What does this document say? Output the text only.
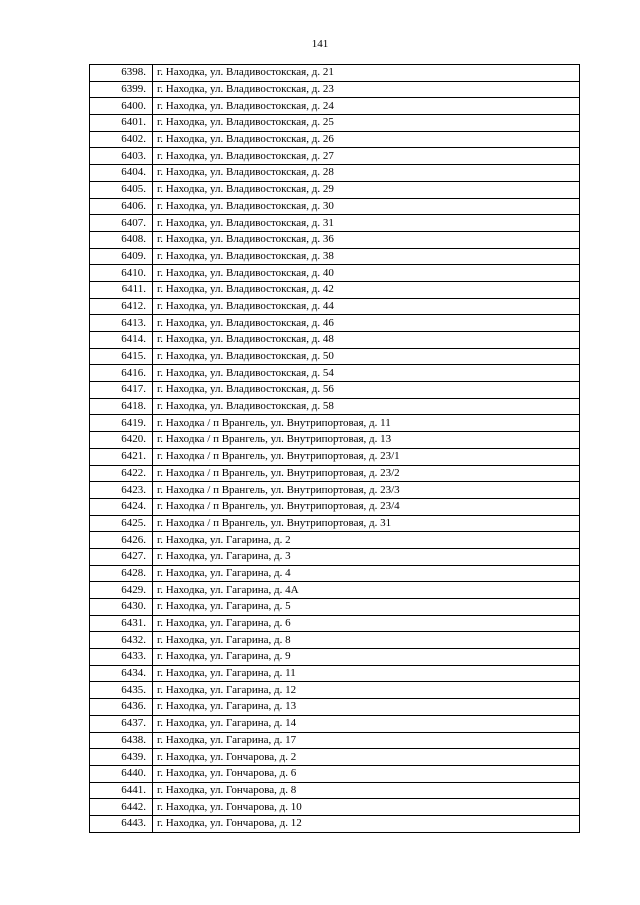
141
6398.	г. Находка, ул. Владивостокская, д. 21
6399.	г. Находка, ул. Владивостокская, д. 23
6400.	г. Находка, ул. Владивостокская, д. 24
6401.	г. Находка, ул. Владивостокская, д. 25
6402.	г. Находка, ул. Владивостокская, д. 26
6403.	г. Находка, ул. Владивостокская, д. 27
6404.	г. Находка, ул. Владивостокская, д. 28
6405.	г. Находка, ул. Владивостокская, д. 29
6406.	г. Находка, ул. Владивостокская, д. 30
6407.	г. Находка, ул. Владивостокская, д. 31
6408.	г. Находка, ул. Владивостокская, д. 36
6409.	г. Находка, ул. Владивостокская, д. 38
6410.	г. Находка, ул. Владивостокская, д. 40
6411.	г. Находка, ул. Владивостокская, д. 42
6412.	г. Находка, ул. Владивостокская, д. 44
6413.	г. Находка, ул. Владивостокская, д. 46
6414.	г. Находка, ул. Владивостокская, д. 48
6415.	г. Находка, ул. Владивостокская, д. 50
6416.	г. Находка, ул. Владивостокская, д. 54
6417.	г. Находка, ул. Владивостокская, д. 56
6418.	г. Находка, ул. Владивостокская, д. 58
6419.	г. Находка / п Врангель, ул. Внутрипортовая, д. 11
6420.	г. Находка / п Врангель, ул. Внутрипортовая, д. 13
6421.	г. Находка / п Врангель, ул. Внутрипортовая, д. 23/1
6422.	г. Находка / п Врангель, ул. Внутрипортовая, д. 23/2
6423.	г. Находка / п Врангель, ул. Внутрипортовая, д. 23/3
6424.	г. Находка / п Врангель, ул. Внутрипортовая, д. 23/4
6425.	г. Находка / п Врангель, ул. Внутрипортовая, д. 31
6426.	г. Находка, ул. Гагарина, д. 2
6427.	г. Находка, ул. Гагарина, д. 3
6428.	г. Находка, ул. Гагарина, д. 4
6429.	г. Находка, ул. Гагарина, д. 4А
6430.	г. Находка, ул. Гагарина, д. 5
6431.	г. Находка, ул. Гагарина, д. 6
6432.	г. Находка, ул. Гагарина, д. 8
6433.	г. Находка, ул. Гагарина, д. 9
6434.	г. Находка, ул. Гагарина, д. 11
6435.	г. Находка, ул. Гагарина, д. 12
6436.	г. Находка, ул. Гагарина, д. 13
6437.	г. Находка, ул. Гагарина, д. 14
6438.	г. Находка, ул. Гагарина, д. 17
6439.	г. Находка, ул. Гончарова, д. 2
6440.	г. Находка, ул. Гончарова, д. 6
6441.	г. Находка, ул. Гончарова, д. 8
6442.	г. Находка, ул. Гончарова, д. 10
6443.	г. Находка, ул. Гончарова, д. 12
